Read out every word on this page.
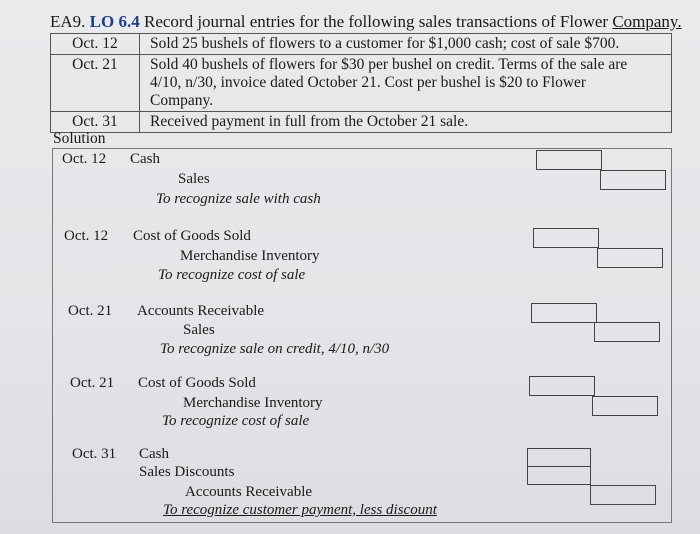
EA9. LO 6.4 Record journal entries for the following sales transactions of Flower Company.
Oct. 12	Sold 25 bushels of flowers to a customer for $1,000 cash; cost of sale $700.

Oct. 21	Sold 40 bushels of flowers for $30 per bushel on credit. Terms of the sale are
4/10, n/30, invoice dated October 21. Cost per bushel is $20 to Flower
Company.

Oct. 31	Received payment in full from the October 21 sale.
Solution
Oct. 12 Cash
Sales
To recognize sale with cash
Oct. 12 Cost of Goods Sold
Merchandise Inventory
To recognize cost of sale
Oct. 21 Accounts Receivable
Sales
To recognize sale on credit, 4/10, n/30
Oct. 21 Cost of Goods Sold
Merchandise Inventory
To recognize cost of sale
Oct. 31 Cash
Sales Discounts
Accounts Receivable
To recognize customer payment, less discount
